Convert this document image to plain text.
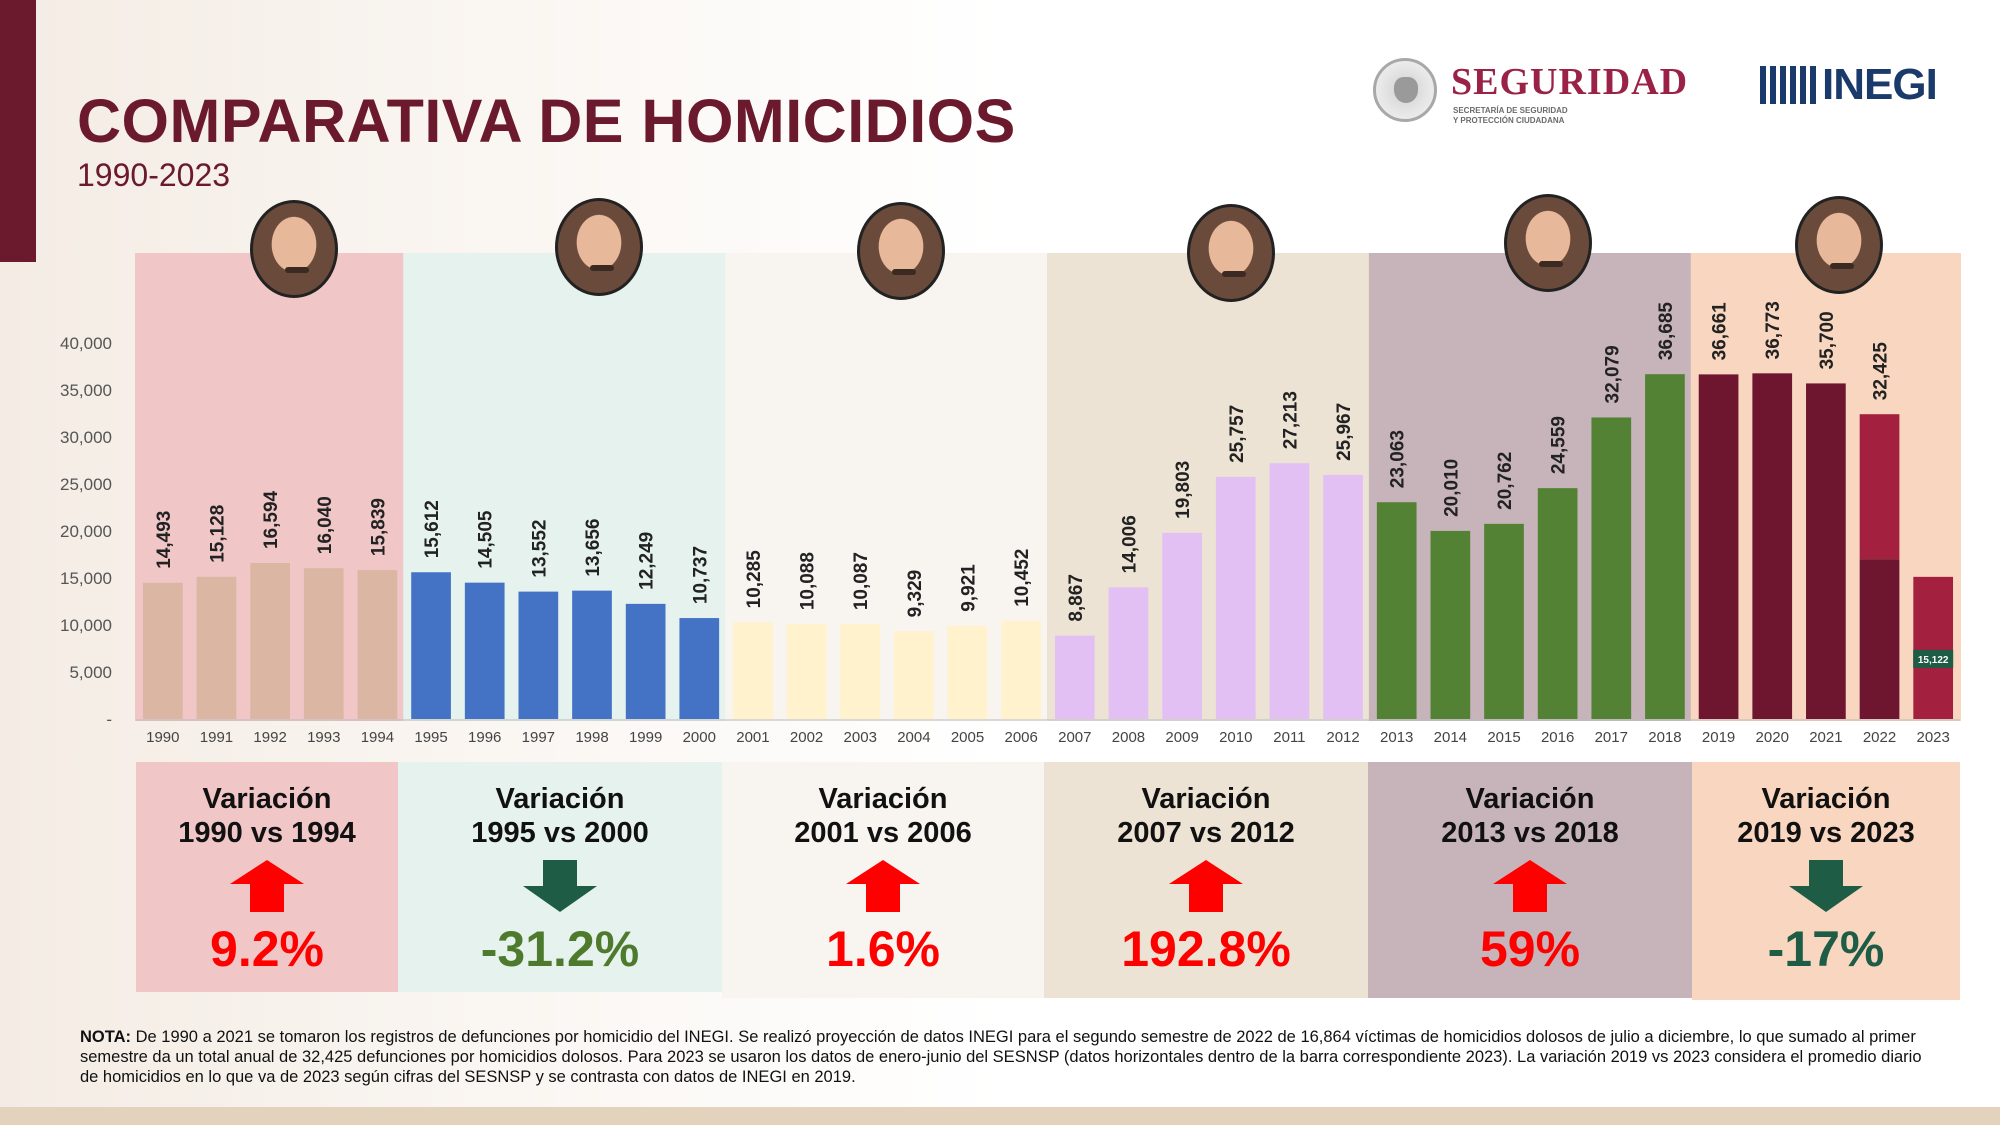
COMPARATIVA DE HOMICIDIOS
1990-2023
SEGURIDAD
SECRETARÍA DE SEGURIDAD
Y PROTECCIÓN CIUDADANA
INEGI
-
5,000
10,000
15,000
20,000
25,000
30,000
35,000
40,000
1990
14,493
1991
15,128
1992
16,594
1993
16,040
1994
15,839
1995
15,612
1996
14,505
1997
13,552
1998
13,656
1999
12,249
2000
10,737
2001
10,285
2002
10,088
2003
10,087
2004
9,329
2005
9,921
2006
10,452
2007
8,867
2008
14,006
2009
19,803
2010
25,757
2011
27,213
2012
25,967
2013
23,063
2014
20,010
2015
20,762
2016
24,559
2017
32,079
2018
36,685
2019
36,661
2020
36,773
2021
35,700
2022
32,425
2023
15,122
Variación
1990 vs 1994
9.2%
Variación
1995 vs 2000
-31.2%
Variación
2001 vs 2006
1.6%
Variación
2007 vs 2012
192.8%
Variación
2013 vs 2018
59%
Variación
2019 vs 2023
-17%
NOTA: De 1990 a 2021 se tomaron los registros de defunciones por homicidio del INEGI. Se realizó proyección de datos INEGI para el segundo semestre de 2022 de 16,864 víctimas de homicidios dolosos de julio a diciembre, lo que sumado al primer semestre da un total anual de 32,425 defunciones por homicidios dolosos. Para 2023 se usaron los datos de enero-junio del SESNSP (datos horizontales dentro de la barra correspondiente 2023). La variación 2019 vs 2023 considera el promedio diario de homicidios en lo que va de 2023 según cifras del SESNSP y se contrasta con datos de INEGI en 2019.
